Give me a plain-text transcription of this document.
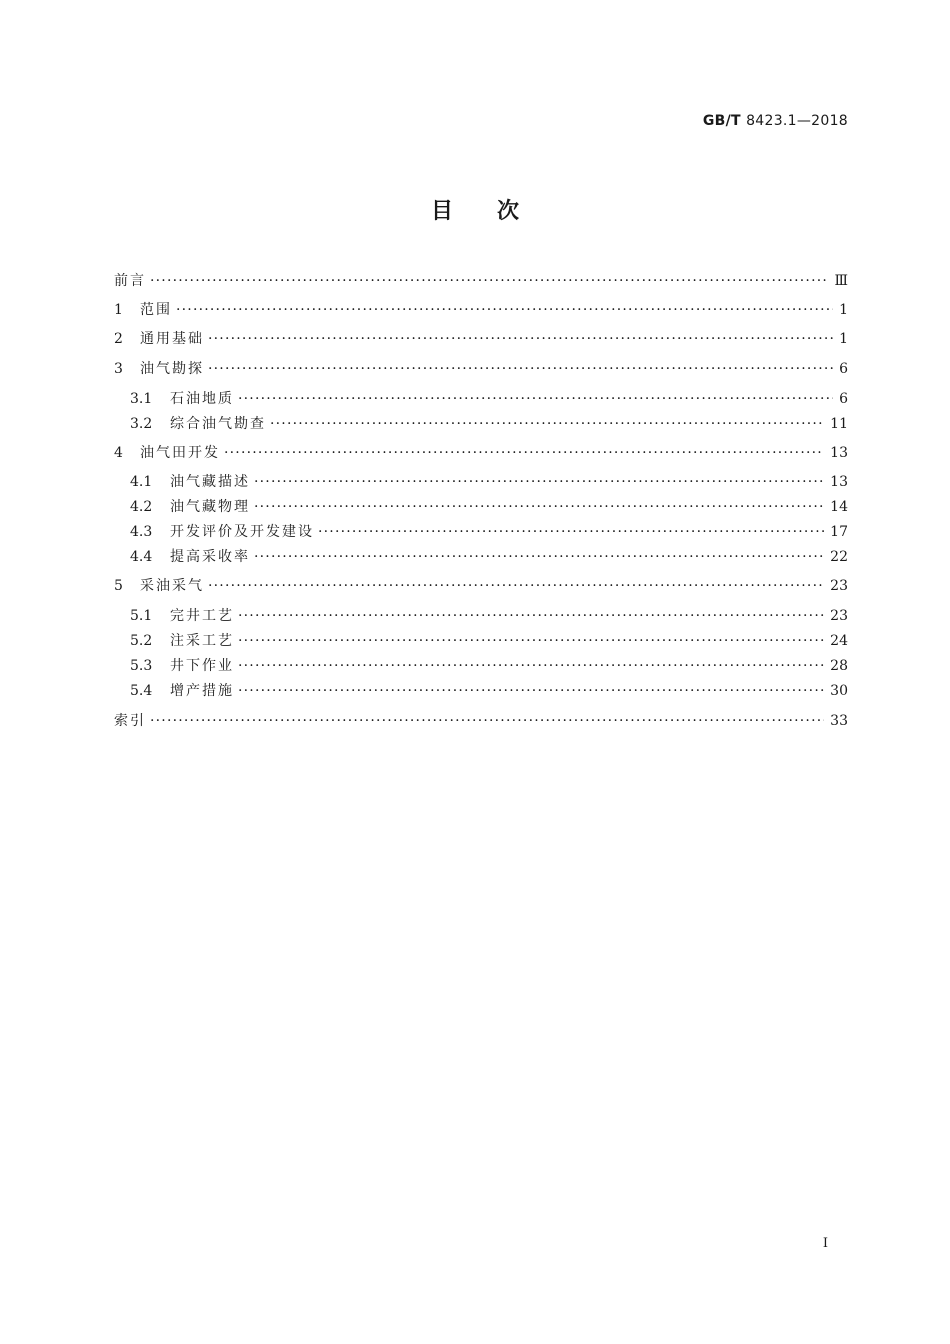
GB/T 8423.1—2018
目次
前言 ·····	Ⅲ
1	范围 ·····	1
2	通用基础 ·····	1
3	油气勘探 ·····	6
3.1	石油地质 ·····	6
3.2	综合油气勘查 ·····	11
4	油气田开发 ·····	13
4.1	油气藏描述 ·····	13
4.2	油气藏物理 ·····	14
4.3	开发评价及开发建设 ·····	17
4.4	提高采收率 ·····	22
5	采油采气 ·····	23
5.1	完井工艺 ·····	23
5.2	注采工艺 ·····	24
5.3	井下作业 ·····	28
5.4	增产措施 ·····	30
索引 ·····	33
I
